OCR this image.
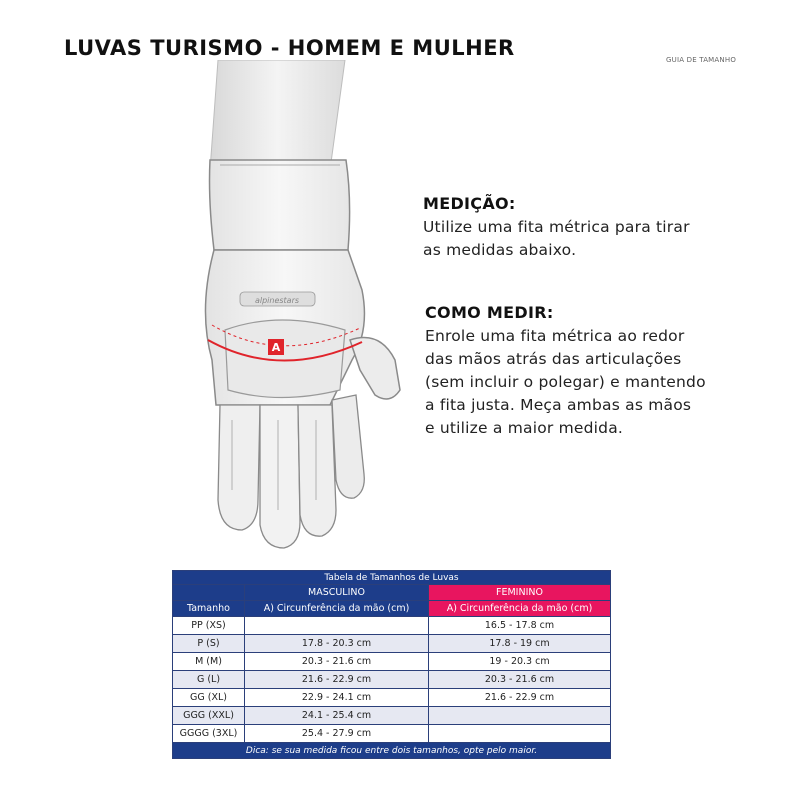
LUVAS TURISMO - HOMEM E MULHER	GUIA DE TAMANHO
alpinestars
A
MEDIÇÃO:
Utilize uma fita métrica para tirar
as medidas abaixo.
COMO MEDIR:
Enrole uma fita métrica ao redor
das mãos atrás das articulações
(sem incluir o polegar) e mantendo
a fita justa. Meça ambas as mãos
e utilize a maior medida.
Tabela de Tamanhos de Luvas		
	MASCULINO	FEMININO
Tamanho	A) Circunferência da mão (cm)	A) Circunferência da mão (cm)
PP (XS)		16.5 - 17.8 cm
P (S)	17.8 - 20.3 cm	17.8 - 19 cm
M (M)	20.3 - 21.6 cm	19 - 20.3 cm
G (L)	21.6 - 22.9 cm	20.3 - 21.6 cm
GG (XL)	22.9 - 24.1 cm	21.6 - 22.9 cm
GGG (XXL)	24.1 - 25.4 cm	
GGGG (3XL)	25.4 - 27.9 cm	
Dica: se sua medida ficou entre dois tamanhos, opte pelo maior.		
